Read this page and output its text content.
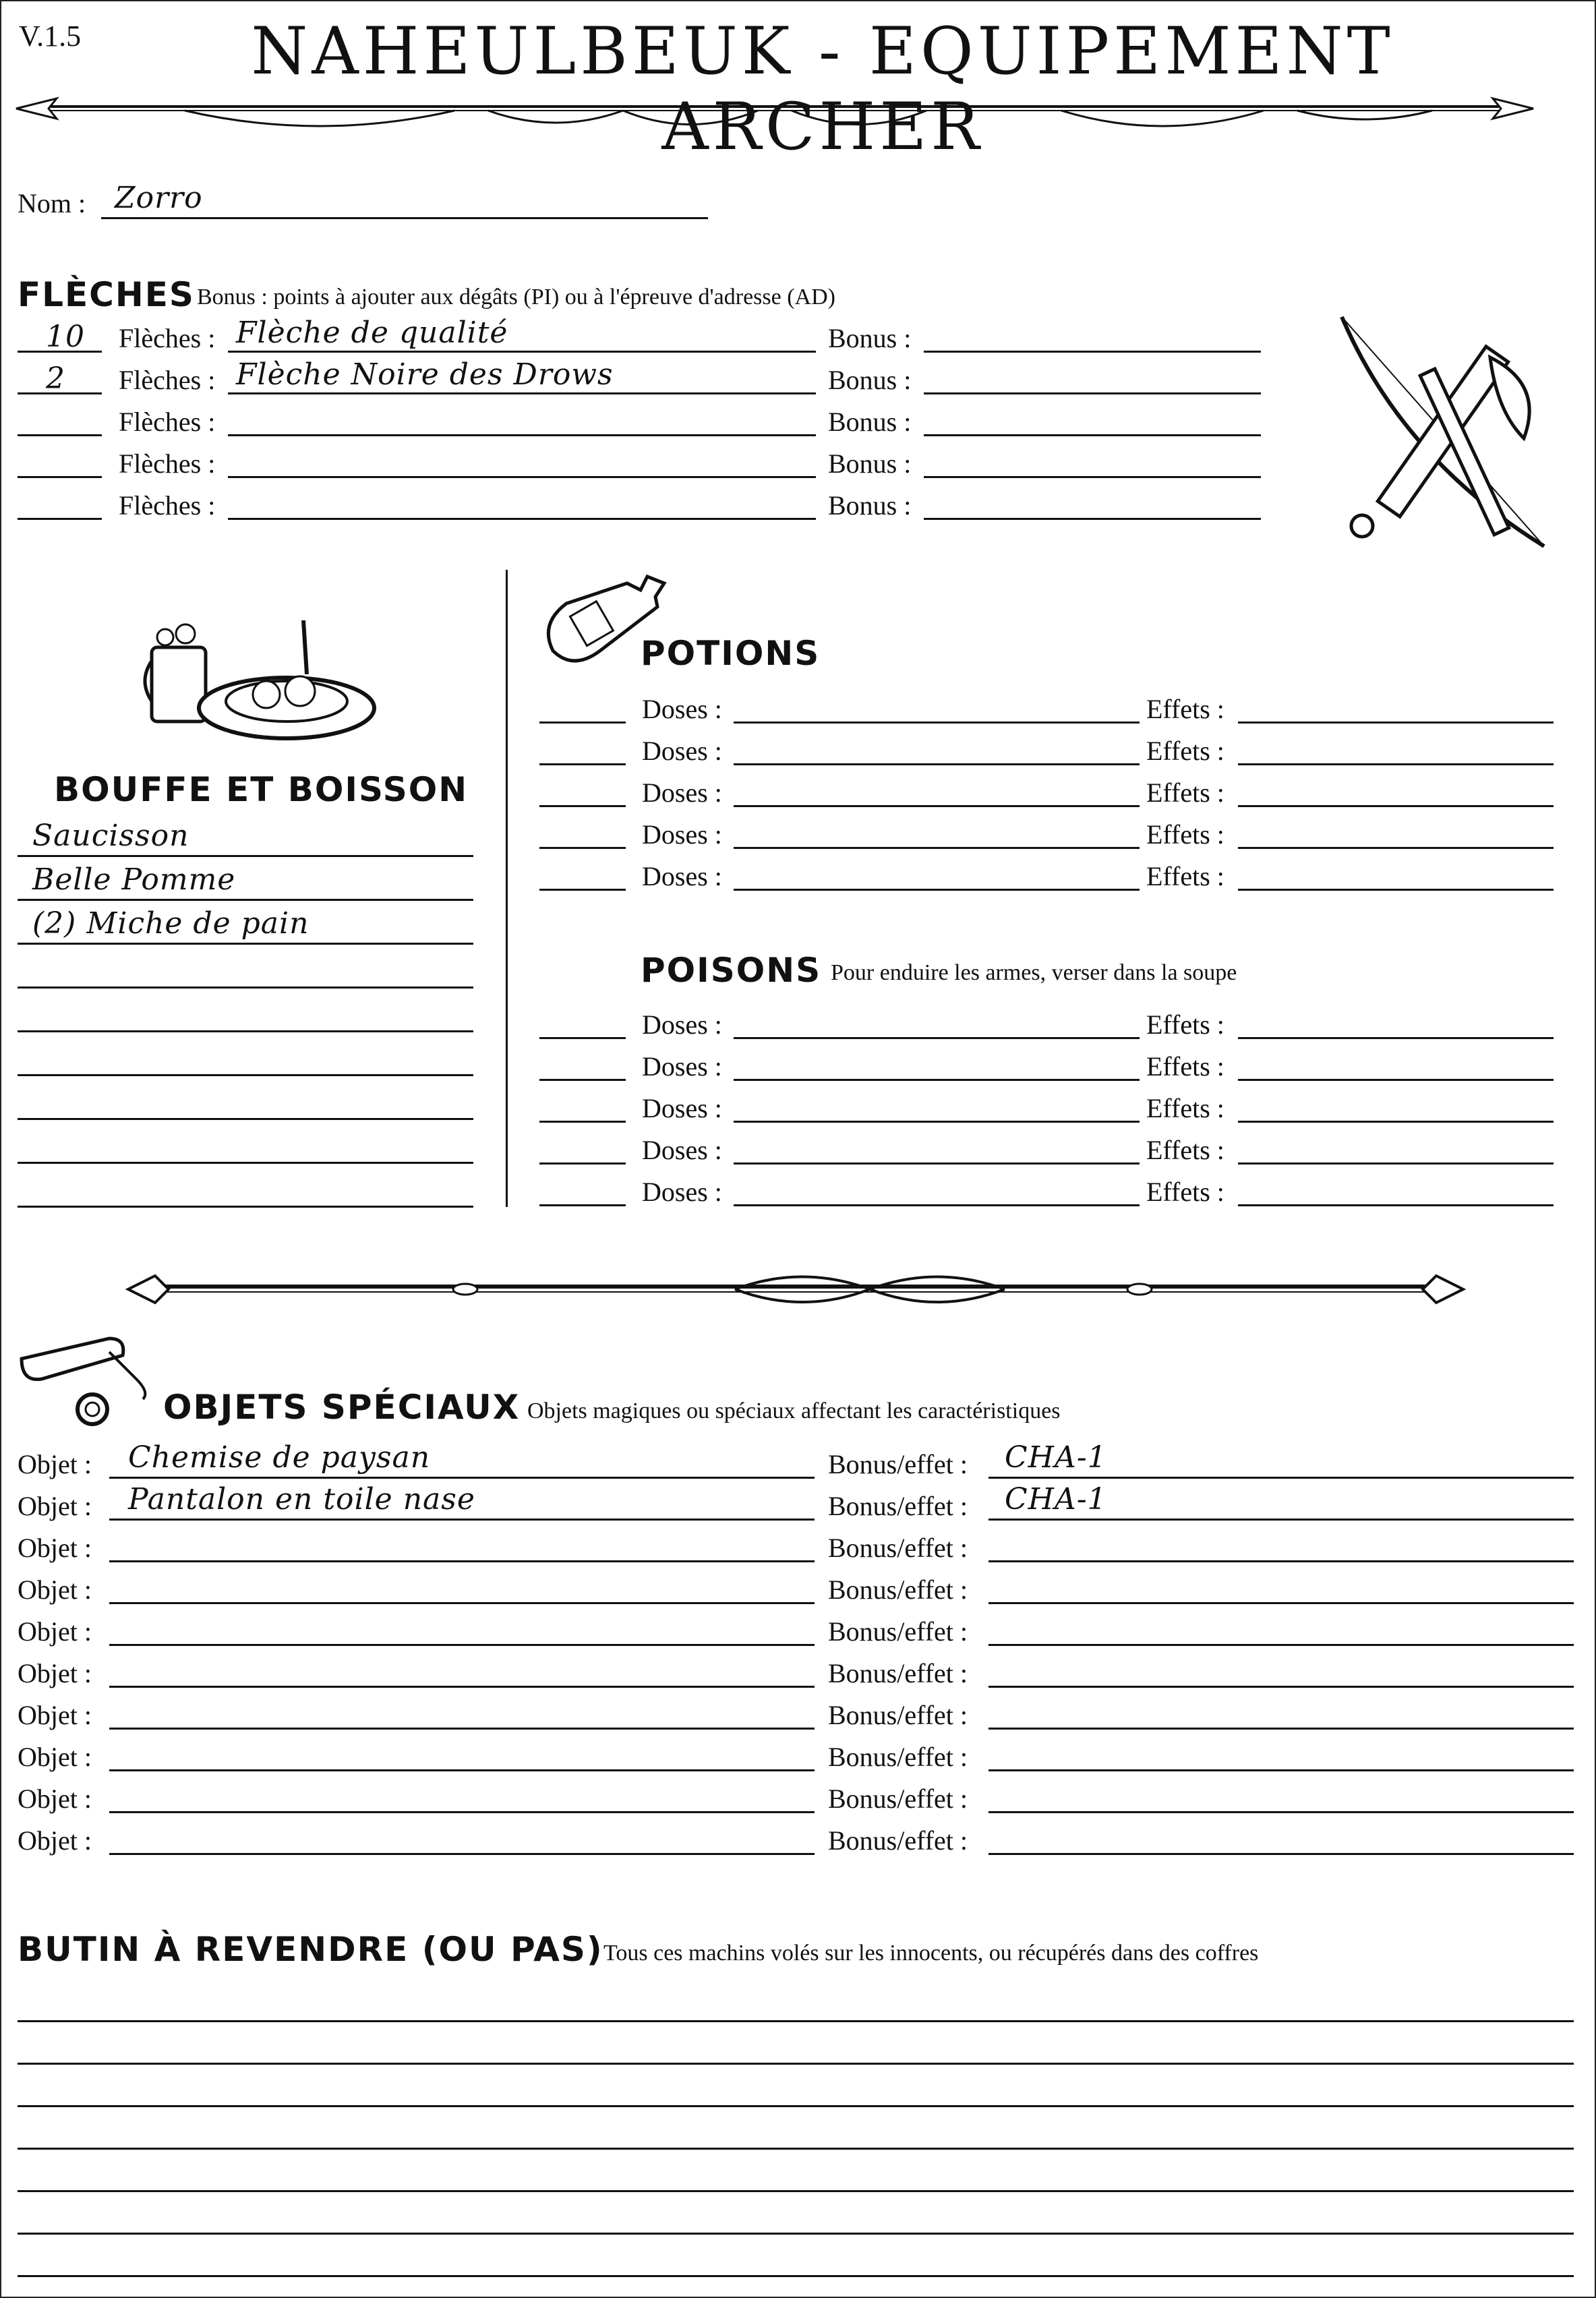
V.1.5	NAHEULBEUK - EQUIPEMENT ARCHER
Nom : Zorro
FLÈCHES Bonus : points à ajouter aux dégâts (PI) ou à l'épreuve d'adresse (AD)
10 Flèches : Flèche de qualité	Bonus :
2 Flèches : Flèche Noire des Drows	Bonus :
Flèches :	Bonus :
Flèches :	Bonus :
Flèches :	Bonus :
BOUFFE ET BOISSON
Saucisson
Belle Pomme
(2) Miche de pain
POTIONS
Doses :	Effets :
Doses :	Effets :
Doses :	Effets :
Doses :	Effets :
Doses :	Effets :
POISONS Pour enduire les armes, verser dans la soupe
Doses :	Effets :
Doses :	Effets :
Doses :	Effets :
Doses :	Effets :
Doses :	Effets :
OBJETS SPÉCIAUX Objets magiques ou spéciaux affectant les caractéristiques
Objet : Chemise de paysan	Bonus/effet : CHA-1
Objet : Pantalon en toile nase	Bonus/effet : CHA-1
Objet :	Bonus/effet :
Objet :	Bonus/effet :
Objet :	Bonus/effet :
Objet :	Bonus/effet :
Objet :	Bonus/effet :
Objet :	Bonus/effet :
Objet :	Bonus/effet :
Objet :	Bonus/effet :
BUTIN À REVENDRE (OU PAS) Tous ces machins volés sur les innocents, ou récupérés dans des coffres
